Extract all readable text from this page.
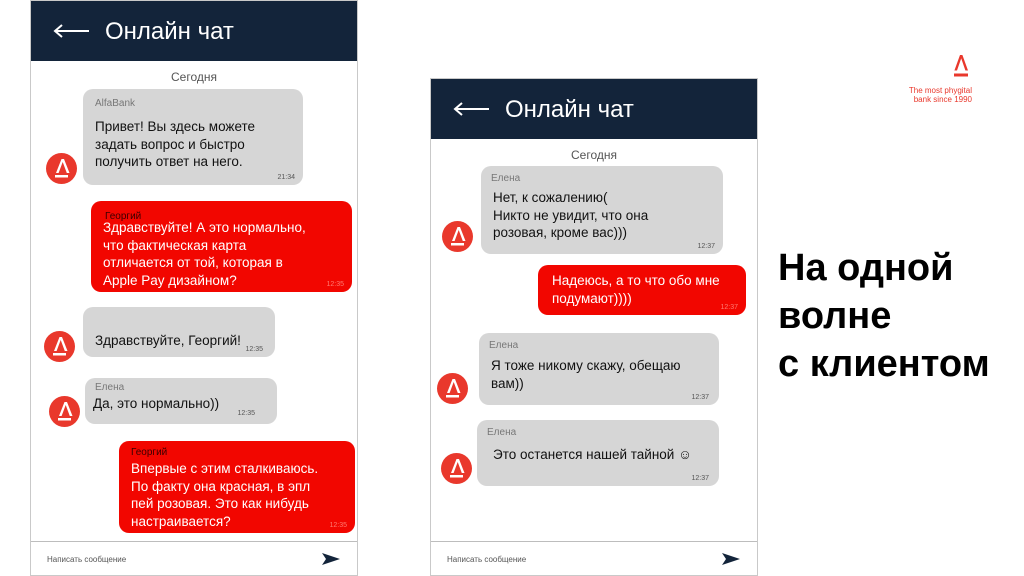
Онлайн чат
Сегодня
AlfaBank
Привет! Вы здесь можете
задать вопрос и быстро
получить ответ на него.
21:34
Георгий
Здравствуйте! А это нормально,
что фактическая карта
отличается от той, которая в
Apple Pay дизайном?	12:35
Здравствуйте, Георгий!
12:35
Елена
Да, это нормально))
12:35
Георгий
Впервые с этим сталкиваюсь.
По факту она красная, в эпл
пей розовая. Это как нибудь
настраивается?	12:35
Написать сообщение
Онлайн чат
Сегодня
Елена
Нет, к сожалению(
Никто не увидит, что она
розовая, кроме вас)))
12:37
Надеюсь, а то что обо мне
подумают))))
12:37
Елена
Я тоже никому скажу, обещаю
вам))
12:37
Елена
Это останется нашей тайной ☺
12:37
Написать сообщение
The most phygital
bank since 1990
На одной
волне
с клиентом
